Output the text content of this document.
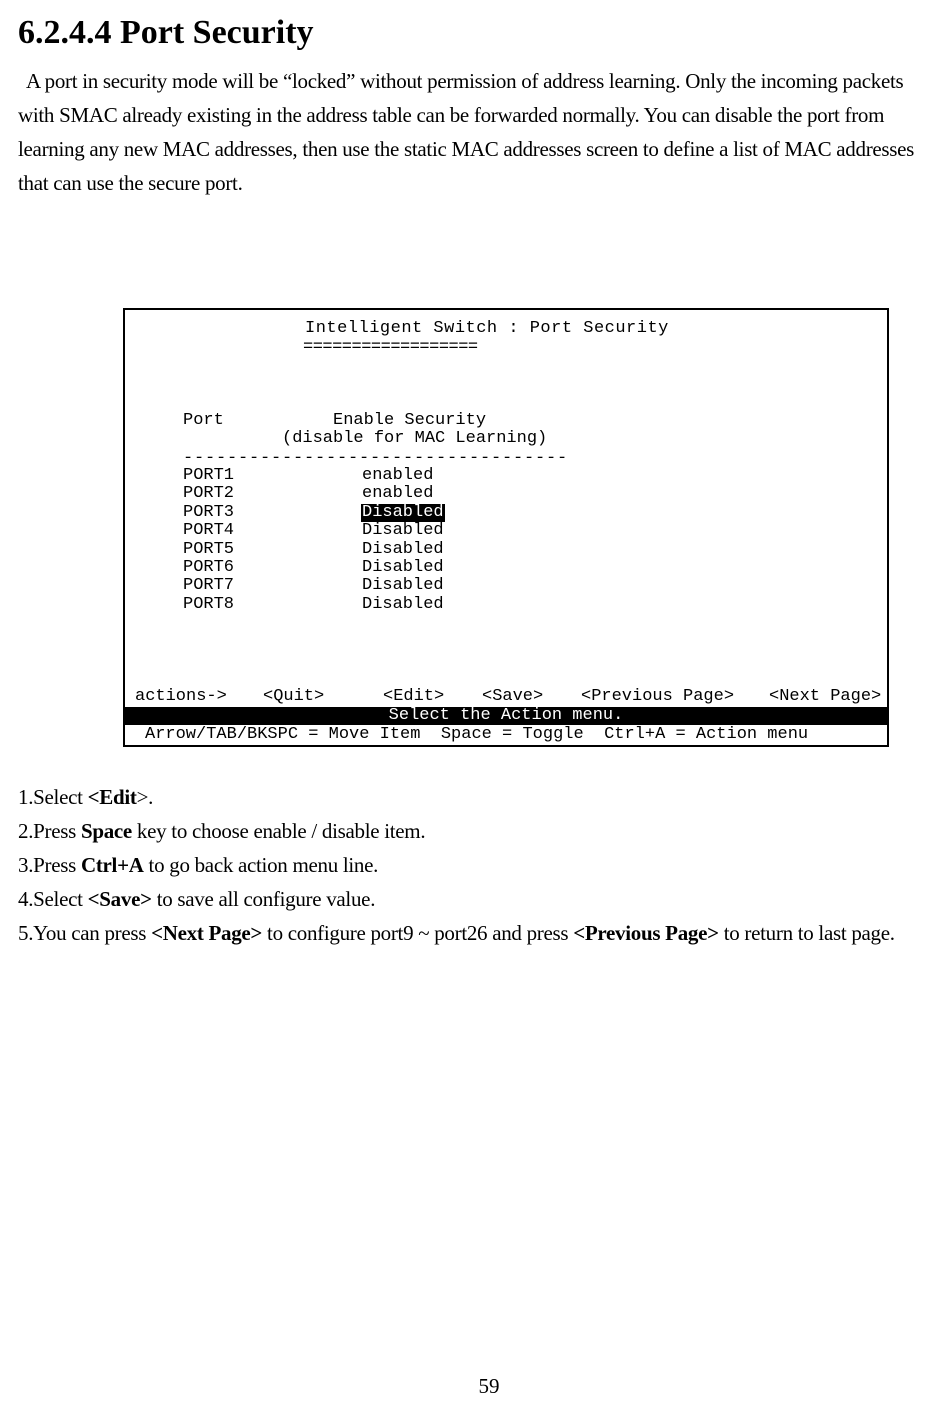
6.2.4.4 Port Security

A port in security mode will be “locked” without permission of address learning. Only the incoming packets with SMAC already existing in the address table can be forwarded normally. You can disable the port from learning any new MAC addresses, then use the static MAC addresses screen to define a list of MAC addresses that can use the secure port.

Intelligent Switch : Port Security
==================
Port	Enable Security
(disable for MAC Learning)
-----------------------------------
PORT1	enabled
PORT2	enabled
PORT3	Disabled
PORT4	Disabled
PORT5	Disabled
PORT6	Disabled
PORT7	Disabled
PORT8	Disabled
actions-> <Quit>	<Edit> <Save> <Previous Page> <Next Page>
Select the Action menu.
Arrow/TAB/BKSPC = Move Item  Space = Toggle  Ctrl+A = Action menu
1.Select <Edit>.
2.Press Space key to choose enable / disable item.
3.Press Ctrl+A to go back action menu line.
4.Select <Save> to save all configure value.
5.You can press <Next Page> to configure port9 ~ port26 and press <Previous Page> to return to last page.
59
